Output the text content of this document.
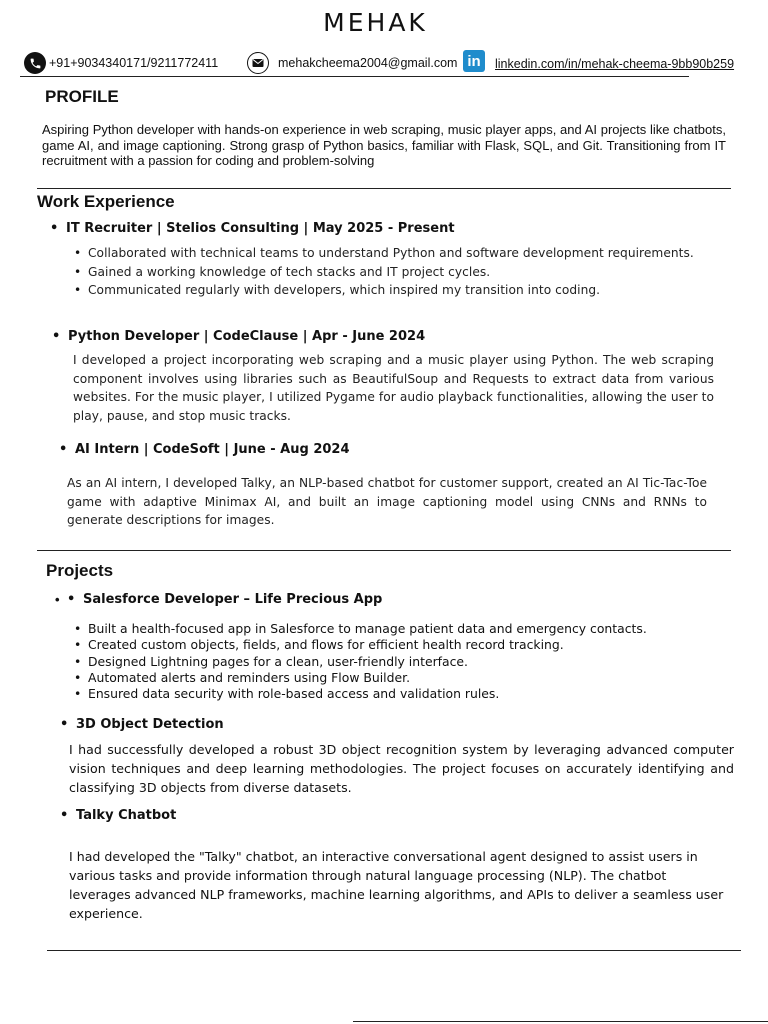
MEHAK
+91+9034340171/9211772411	mehakcheema2004@gmail.com in	linkedin.com/in/mehak-cheema-9bb90b259
PROFILE
Aspiring Python developer with hands-on experience in web scraping, music player apps, and AI projects like chatbots, game AI, and image captioning. Strong grasp of Python basics, familiar with Flask, SQL, and Git. Transitioning from IT recruitment with a passion for coding and problem-solving
Work Experience
• IT Recruiter | Stelios Consulting | May 2025 - Present
• Collaborated with technical teams to understand Python and software development requirements.
• Gained a working knowledge of tech stacks and IT project cycles.
• Communicated regularly with developers, which inspired my transition into coding.
• Python Developer | CodeClause | Apr - June 2024
I developed a project incorporating web scraping and a music player using Python. The web scraping component involves using libraries such as BeautifulSoup and Requests to extract data from various websites. For the music player, I utilized Pygame for audio playback functionalities, allowing the user to play, pause, and stop music tracks.
• AI Intern | CodeSoft | June - Aug 2024
As an AI intern, I developed Talky, an NLP-based chatbot for customer support, created an AI Tic-Tac-Toe game with adaptive Minimax AI, and built an image captioning model using CNNs and RNNs to generate descriptions for images.
Projects
• Salesforce Developer – Life Precious App
•
• Built a health-focused app in Salesforce to manage patient data and emergency contacts.
• Created custom objects, fields, and flows for efficient health record tracking.
• Designed Lightning pages for a clean, user-friendly interface.
• Automated alerts and reminders using Flow Builder.
• Ensured data security with role-based access and validation rules.
• 3D Object Detection
I had successfully developed a robust 3D object recognition system by leveraging advanced computer vision techniques and deep learning methodologies. The project focuses on accurately identifying and classifying 3D objects from diverse datasets.
• Talky Chatbot
I had developed the "Talky" chatbot, an interactive conversational agent designed to assist users in various tasks and provide information through natural language processing (NLP). The chatbot leverages advanced NLP frameworks, machine learning algorithms, and APIs to deliver a seamless user experience.
